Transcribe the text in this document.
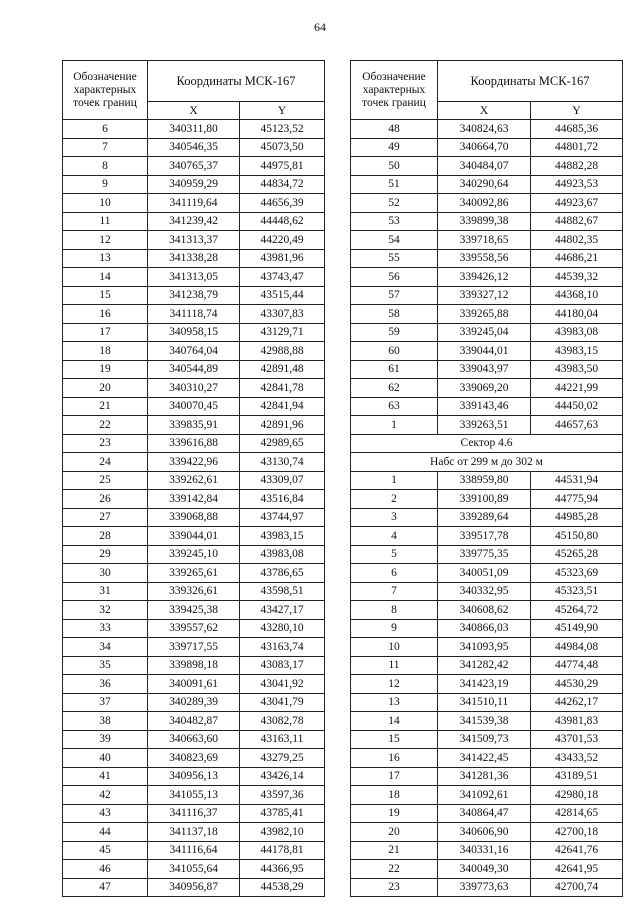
64
Обозначение характерных точек границ	Координаты МСК-167	
	X	Y
6	340311,80	45123,52
7	340546,35	45073,50
8	340765,37	44975,81
9	340959,29	44834,72
10	341119,64	44656,39
11	341239,42	44448,62
12	341313,37	44220,49
13	341338,28	43981,96
14	341313,05	43743,47
15	341238,79	43515,44
16	341118,74	43307,83
17	340958,15	43129,71
18	340764,04	42988,88
19	340544,89	42891,48
20	340310,27	42841,78
21	340070,45	42841,94
22	339835,91	42891,96
23	339616,88	42989,65
24	339422,96	43130,74
25	339262,61	43309,07
26	339142,84	43516,84
27	339068,88	43744,97
28	339044,01	43983,15
29	339245,10	43983,08
30	339265,61	43786,65
31	339326,61	43598,51
32	339425,38	43427,17
33	339557,62	43280,10
34	339717,55	43163,74
35	339898,18	43083,17
36	340091,61	43041,92
37	340289,39	43041,79
38	340482,87	43082,78
39	340663,60	43163,11
40	340823,69	43279,25
41	340956,13	43426,14
42	341055,13	43597,36
43	341116,37	43785,41
44	341137,18	43982,10
45	341116,64	44178,81
46	341055,64	44366,95
47	340956,87	44538,29
Обозначение характерных точек границ	Координаты МСК-167	
	X	Y
48	340824,63	44685,36
49	340664,70	44801,72
50	340484,07	44882,28
51	340290,64	44923,53
52	340092,86	44923,67
53	339899,38	44882,67
54	339718,65	44802,35
55	339558,56	44686,21
56	339426,12	44539,32
57	339327,12	44368,10
58	339265,88	44180,04
59	339245,04	43983,08
60	339044,01	43983,15
61	339043,97	43983,50
62	339069,20	44221,99
63	339143,46	44450,02
1	339263,51	44657,63
Сектор 4.6		
Набс от 299 м до 302 м		
1	338959,80	44531,94
2	339100,89	44775,94
3	339289,64	44985,28
4	339517,78	45150,80
5	339775,35	45265,28
6	340051,09	45323,69
7	340332,95	45323,51
8	340608,62	45264,72
9	340866,03	45149,90
10	341093,95	44984,08
11	341282,42	44774,48
12	341423,19	44530,29
13	341510,11	44262,17
14	341539,38	43981,83
15	341509,73	43701,53
16	341422,45	43433,52
17	341281,36	43189,51
18	341092,61	42980,18
19	340864,47	42814,65
20	340606,90	42700,18
21	340331,16	42641,76
22	340049,30	42641,95
23	339773,63	42700,74
